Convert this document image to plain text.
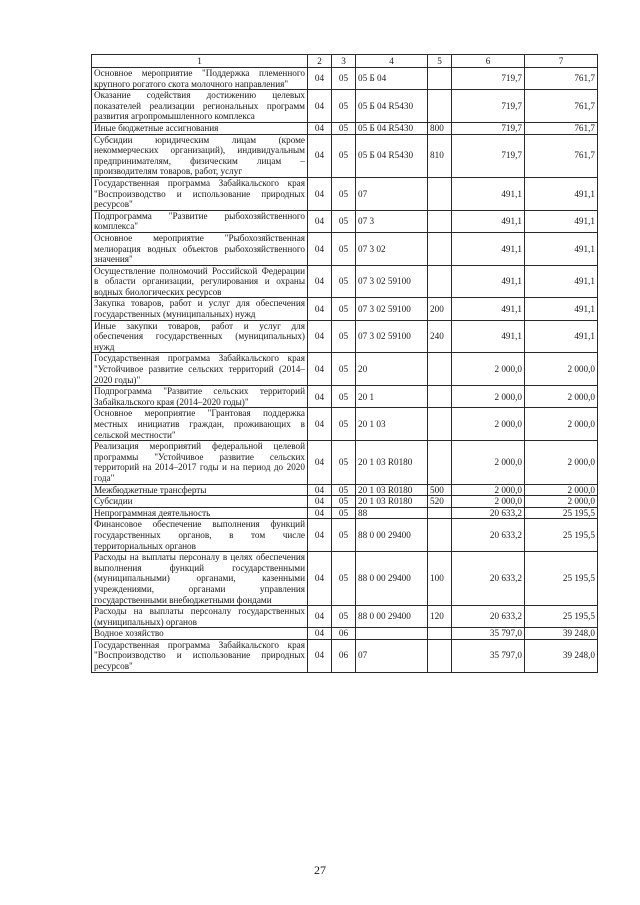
1	2	3	4	5	6	7
Основное мероприятие "Поддержка племенного крупного рогатого скота молочного направления"	04	05	05 Б 04		719,7	761,7
Оказание содействия достижению целевых показателей реализации региональных программ развития агропромышленного комплекса	04	05	05 Б 04 R5430		719,7	761,7
Иные бюджетные ассигнования	04	05	05 Б 04 R5430	800	719,7	761,7
Субсидии юридическим лицам (кроме некоммерческих организаций), индивидуальным предпринимателям, физическим лицам – производителям товаров, работ, услуг	04	05	05 Б 04 R5430	810	719,7	761,7
Государственная программа Забайкальского края "Воспроизводство и использование природных ресурсов"	04	05	07		491,1	491,1
Подпрограмма "Развитие рыбохозяйственного комплекса"	04	05	07 3		491,1	491,1
Основное мероприятие "Рыбохозяйственная мелиорация водных объектов рыбохозяйственного значения"	04	05	07 3 02		491,1	491,1
Осуществление полномочий Российской Федерации в области организации, регулирования и охраны водных биологических ресурсов	04	05	07 3 02 59100		491,1	491,1
Закупка товаров, работ и услуг для обеспечения государственных (муниципальных) нужд	04	05	07 3 02 59100	200	491,1	491,1
Иные закупки товаров, работ и услуг для обеспечения государственных (муниципальных) нужд	04	05	07 3 02 59100	240	491,1	491,1
Государственная программа Забайкальского края "Устойчивое развитие сельских территорий (2014–2020 годы)"	04	05	20		2 000,0	2 000,0
Подпрограмма "Развитие сельских территорий Забайкальского края (2014–2020 годы)"	04	05	20 1		2 000,0	2 000,0
Основное мероприятие "Грантовая поддержка местных инициатив граждан, проживающих в сельской местности"	04	05	20 1 03		2 000,0	2 000,0
Реализация мероприятий федеральной целевой программы "Устойчивое развитие сельских территорий на 2014–2017 годы и на период до 2020 года"	04	05	20 1 03 R0180		2 000,0	2 000,0
Межбюджетные трансферты	04	05	20 1 03 R0180	500	2 000,0	2 000,0
Субсидии	04	05	20 1 03 R0180	520	2 000,0	2 000,0
Непрограммная деятельность	04	05	88		20 633,2	25 195,5
Финансовое обеспечение выполнения функций государственных органов, в том числе территориальных органов	04	05	88 0 00 29400		20 633,2	25 195,5
Расходы на выплаты персоналу в целях обеспечения выполнения функций государственными (муниципальными) органами, казенными учреждениями, органами управления государственными внебюджетными фондами	04	05	88 0 00 29400	100	20 633,2	25 195,5
Расходы на выплаты персоналу государственных (муниципальных) органов	04	05	88 0 00 29400	120	20 633,2	25 195,5
Водное хозяйство	04	06			35 797,0	39 248,0
Государственная программа Забайкальского края "Воспроизводство и использование природных ресурсов"	04	06	07		35 797,0	39 248,0
27
